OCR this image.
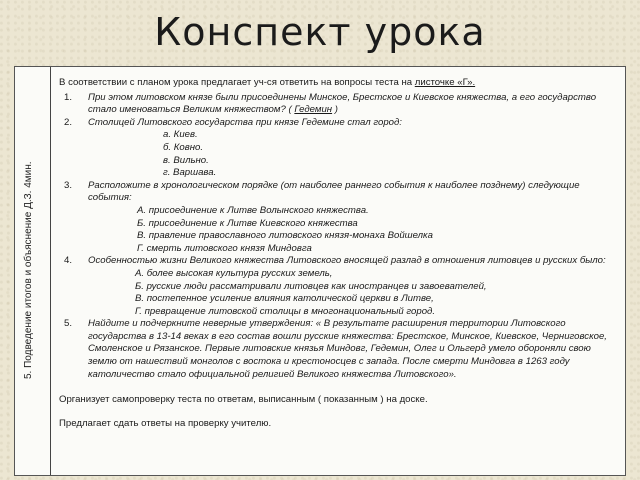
Конспект урока
5. Подведение итогов и объяснение Д.З. 4мин.

В соответствии с планом урока предлагает уч-ся ответить на вопросы теста на листочке «Г».

1.	При этом литовском князе были присоединены Минское, Брестское и Киевское княжества, а его государство стало именоваться Великим княжеством? ( Гедемин )
2.	Столицей Литовского государства при князе Гедемине стал город:
а. Киев.
б. Ковно.
в. Вильно.
г. Варшава.
3.	Расположите в хронологическом порядке (от наиболее раннего события к наиболее позднему) следующие события:
А. присоединение к Литве Волынского княжества.
Б. присоединение к Литве Киевского княжества
В. правление православного литовского князя-монаха Войшелка
Г. смерть литовского князя Миндовга
4.	Особенностью жизни Великого княжества Литовского вносящей разлад в отношения литовцев и русских было:
А. более высокая культура русских земель,
Б. русские люди рассматривали литовцев как иностранцев и завоевателей,
В. постепенное усиление влияния католической церкви в Литве,
Г. превращение литовской столицы в многонациональный город.
5.	Найдите и подчеркните неверные утверждения: « В результате расширения территории Литовского государства в 13-14 веках в его состав вошли русские княжества: Брестское, Минское, Киевское, Черниговское, Смоленское и Рязанское. Первые литовские князья Миндовг, Гедемин, Олег и Ольгерд умело обороняли свою землю от нашествий монголов с востока и крестоносцев с запада. После смерти Миндовга в 1263 году католичество стало официальной религией Великого княжества Литовского».

Организует самопроверку теста по ответам, выписанным ( показанным ) на доске.

Предлагает сдать ответы на проверку учителю.
